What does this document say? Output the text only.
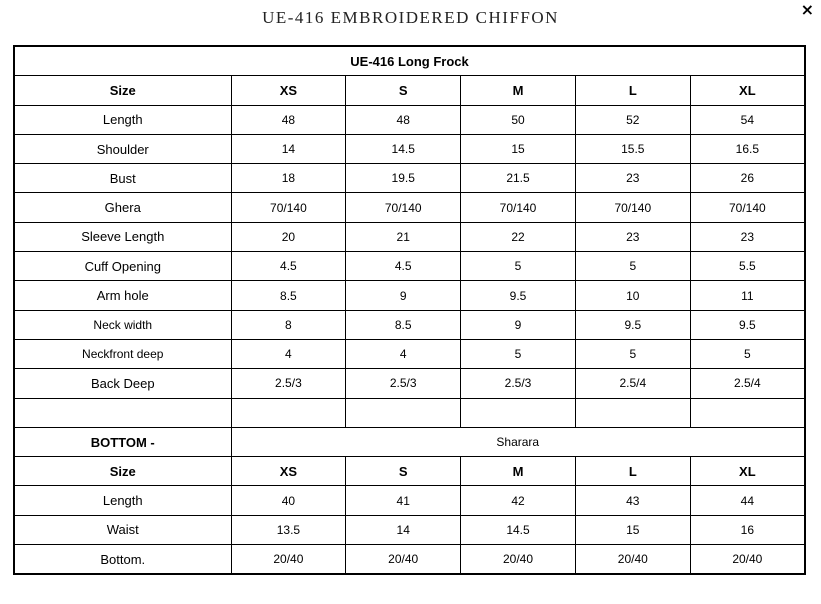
UE-416 EMBROIDERED CHIFFON	×
UE-416 Long Frock					
Size	XS	S	M	L	XL
Length	48	48	50	52	54
Shoulder	14	14.5	15	15.5	16.5
Bust	18	19.5	21.5	23	26
Ghera	70/140	70/140	70/140	70/140	70/140
Sleeve Length	20	21	22	23	23
Cuff Opening	4.5	4.5	5	5	5.5
Arm hole	8.5	9	9.5	10	11
Neck width	8	8.5	9	9.5	9.5
Neckfront deep	4	4	5	5	5
Back Deep	2.5/3	2.5/3	2.5/3	2.5/4	2.5/4

BOTTOM -	Sharara				
Size	XS	S	M	L	XL
Length	40	41	42	43	44
Waist	13.5	14	14.5	15	16
Bottom.	20/40	20/40	20/40	20/40	20/40
